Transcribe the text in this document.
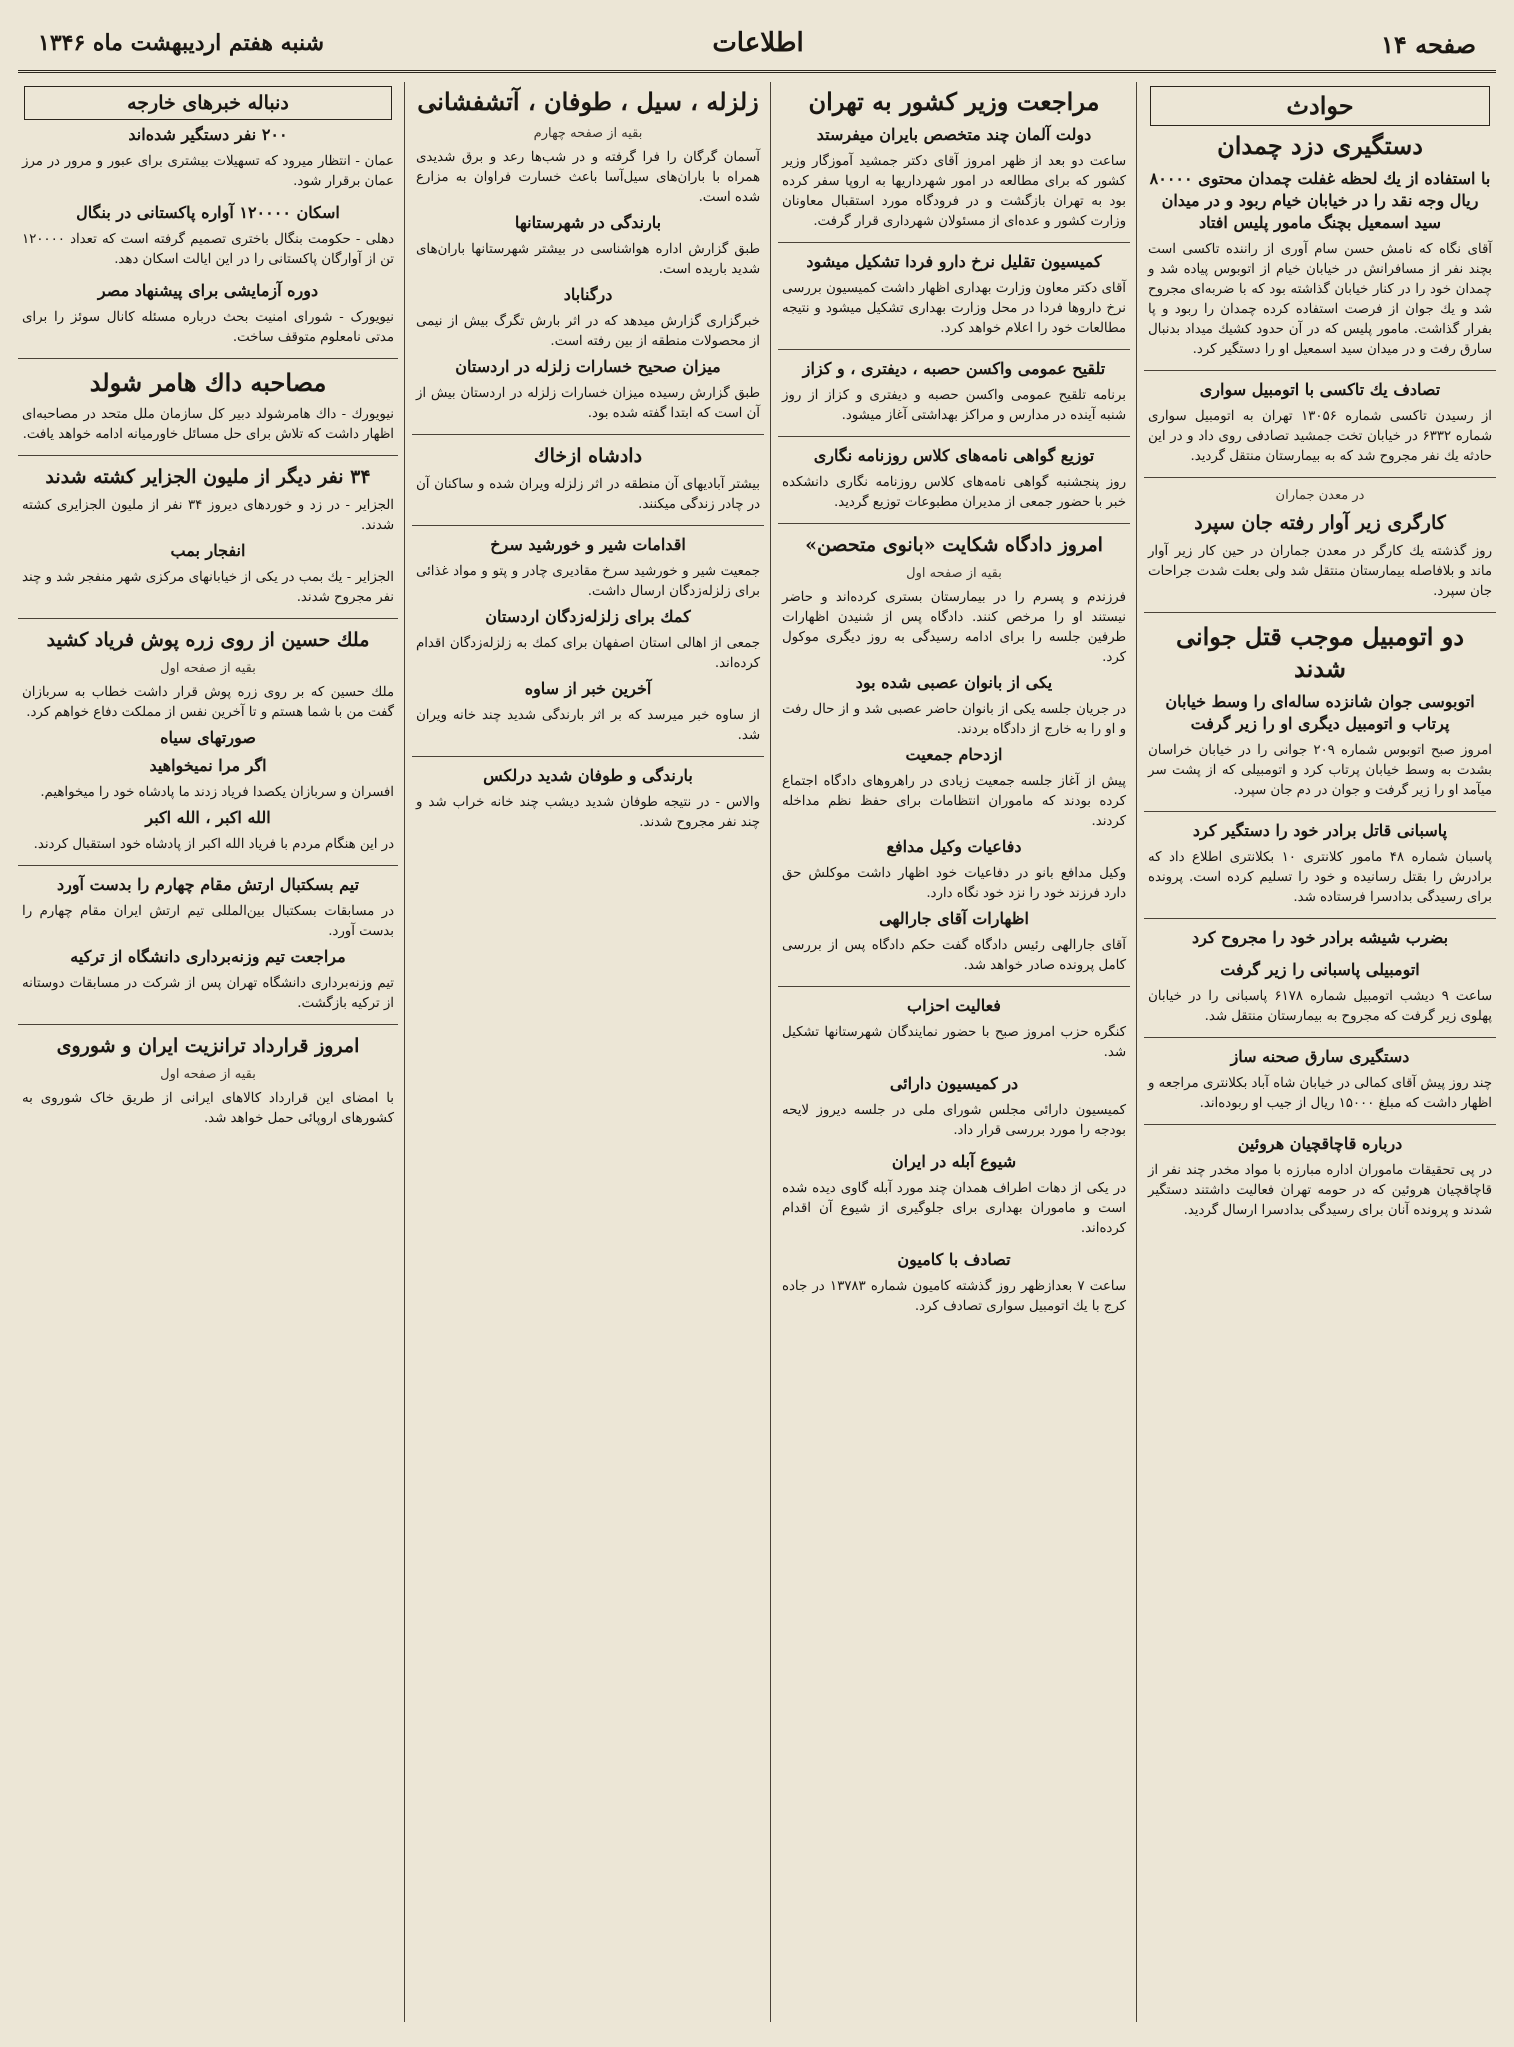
صفحه ۱۴
اطلاعات
شنبه هفتم اردیبهشت ماه ۱۳۴۶
حوادث
دستگیری دزد چمدان
با استفاده از یك لحظه غفلت چمدان محتوی ۸۰۰۰۰ ریال وجه نقد را در خیابان خیام ربود و در میدان سید اسمعیل بچنگ مامور پلیس افتاد

آقای نگاه که نامش حسن سام آوری از راننده تاکسی است بچند نفر از مسافرانش در خیابان خیام از اتوبوس پیاده شد و چمدان خود را در کنار خیابان گذاشته بود که با ضربه‌ای مجروح شد و یك جوان از فرصت استفاده کرده چمدان را ربود و پا بفرار گذاشت. مامور پلیس که در آن حدود کشیك میداد بدنبال سارق رفت و در میدان سید اسمعیل او را دستگیر کرد.

تصادف یك تاکسی با اتومبیل سواری

از رسیدن تاکسی شماره ۱۳۰۵۶ تهران به اتومبیل سواری شماره ۶۳۳۲ در خیابان تخت جمشید تصادفی روی داد و در این حادثه یك نفر مجروح شد که به بیمارستان منتقل گردید.

در معدن جماران
کارگری زیر آوار رفته جان سپرد

روز گذشته یك کارگر در معدن جماران در حین کار زیر آوار ماند و بلافاصله بیمارستان منتقل شد ولی بعلت شدت جراحات جان سپرد.

دو اتومبیل موجب قتل جوانی شدند
اتوبوسی جوان شانزده ساله‌ای را وسط خیابان پرتاب و اتومبیل دیگری او را زیر گرفت

امروز صبح اتوبوس شماره ۲۰۹ جوانی را در خیابان خراسان بشدت به وسط خیابان پرتاب کرد و اتومبیلی که از پشت سر میآمد او را زیر گرفت و جوان در دم جان سپرد.

پاسبانی قاتل برادر خود را دستگیر کرد

پاسبان شماره ۴۸ مامور کلانتری ۱۰ بکلانتری اطلاع داد که برادرش را بقتل رسانیده و خود را تسلیم کرده است. پرونده برای رسیدگی بدادسرا فرستاده شد.

بضرب شیشه برادر خود را مجروح کرد
اتومبیلی پاسبانی را زیر گرفت

ساعت ۹ دیشب اتومبیل شماره ۶۱۷۸ پاسبانی را در خیابان پهلوی زیر گرفت که مجروح به بیمارستان منتقل شد.

دستگیری سارق صحنه ساز

چند روز پیش آقای کمالی در خیابان شاه آباد بکلانتری مراجعه و اظهار داشت که مبلغ ۱۵۰۰۰ ریال از جیب او ربوده‌اند.

درباره قاچاقچیان هروئین

در پی تحقیقات ماموران اداره مبارزه با مواد مخدر چند نفر از قاچاقچیان هروئین که در حومه تهران فعالیت داشتند دستگیر شدند و پرونده آنان برای رسیدگی بدادسرا ارسال گردید.

مراجعت وزیر کشور به تهران
دولت آلمان چند متخصص بایران میفرستد

ساعت دو بعد از ظهر امروز آقای دکتر جمشید آموزگار وزیر کشور که برای مطالعه در امور شهرداریها به اروپا سفر کرده بود به تهران بازگشت و در فرودگاه مورد استقبال معاونان وزارت کشور و عده‌ای از مسئولان شهرداری قرار گرفت.

کمیسیون تقلیل نرخ دارو فردا تشکیل میشود

آقای دکتر معاون وزارت بهداری اظهار داشت کمیسیون بررسی نرخ داروها فردا در محل وزارت بهداری تشکیل میشود و نتیجه مطالعات خود را اعلام خواهد کرد.

تلقیح عمومی واکسن حصبه ، دیفتری ، و کزاز

برنامه تلقیح عمومی واکسن حصبه و دیفتری و کزاز از روز شنبه آینده در مدارس و مراکز بهداشتی آغاز میشود.

توزیع گواهی نامه‌های کلاس روزنامه نگاری

روز پنجشنبه گواهی نامه‌های کلاس روزنامه نگاری دانشکده خبر با حضور جمعی از مدیران مطبوعات توزیع گردید.

امروز دادگاه شکایت «بانوی متحصن»
بقیه از صفحه اول

فرزندم و پسرم را در بیمارستان بستری کرده‌اند و حاضر نیستند او را مرخص کنند. دادگاه پس از شنیدن اظهارات طرفین جلسه را برای ادامه رسیدگی به روز دیگری موکول کرد.

یکی از بانوان عصبی شده بود

در جریان جلسه یکی از بانوان حاضر عصبی شد و از حال رفت و او را به خارج از دادگاه بردند.

ازدحام جمعیت

پیش از آغاز جلسه جمعیت زیادی در راهروهای دادگاه اجتماع کرده بودند که ماموران انتظامات برای حفظ نظم مداخله کردند.

دفاعیات وکیل مدافع

وکیل مدافع بانو در دفاعیات خود اظهار داشت موکلش حق دارد فرزند خود را نزد خود نگاه دارد.

اظهارات آقای جارالهی

آقای جارالهی رئیس دادگاه گفت حکم دادگاه پس از بررسی کامل پرونده صادر خواهد شد.

فعالیت احزاب

کنگره حزب امروز صبح با حضور نمایندگان شهرستانها تشکیل شد.

در کمیسیون دارائی

کمیسیون دارائی مجلس شورای ملی در جلسه دیروز لایحه بودجه را مورد بررسی قرار داد.

شیوع آبله در ایران

در یکی از دهات اطراف همدان چند مورد آبله گاوی دیده شده است و ماموران بهداری برای جلوگیری از شیوع آن اقدام کرده‌اند.

تصادف با کامیون

ساعت ۷ بعدازظهر روز گذشته کامیون شماره ۱۳۷۸۳ در جاده کرج با یك اتومبیل سواری تصادف کرد.

زلزله ، سیل ، طوفان ، آتشفشانی
بقیه از صفحه چهارم

آسمان گرگان را فرا گرفته و در شب‌ها رعد و برق شدیدی همراه با باران‌های سیل‌آسا باعث خسارت فراوان به مزارع شده است.

بارندگی در شهرستانها

طبق گزارش اداره هواشناسی در بیشتر شهرستانها باران‌های شدید باریده است.

درگناباد

خبرگزاری گزارش میدهد که در اثر بارش تگرگ بیش از نیمی از محصولات منطقه از بین رفته است.

میزان صحیح خسارات زلزله در اردستان

طبق گزارش رسیده میزان خسارات زلزله در اردستان بیش از آن است که ابتدا گفته شده بود.

دادشاه ازخاك

بیشتر آبادیهای آن منطقه در اثر زلزله ویران شده و ساکنان آن در چادر زندگی میکنند.

اقدامات شیر و خورشید سرخ

جمعیت شیر و خورشید سرخ مقادیری چادر و پتو و مواد غذائی برای زلزله‌زدگان ارسال داشت.

کمك برای زلزله‌زدگان اردستان

جمعی از اهالی استان اصفهان برای کمك به زلزله‌زدگان اقدام کرده‌اند.

آخرین خبر از ساوه

از ساوه خبر میرسد که بر اثر بارندگی شدید چند خانه ویران شد.

بارندگی و طوفان شدید درلکس

والاس - در نتیجه طوفان شدید دیشب چند خانه خراب شد و چند نفر مجروح شدند.

دنباله خبرهای خارجه
۲۰۰ نفر دستگیر شده‌اند

عمان - انتظار میرود که تسهیلات بیشتری برای عبور و مرور در مرز عمان برقرار شود.

اسکان ۱۲۰۰۰۰ آواره پاکستانی در بنگال

دهلی - حکومت بنگال باختری تصمیم گرفته است که تعداد ۱۲۰۰۰۰ تن از آوارگان پاکستانی را در این ایالت اسکان دهد.

دوره آزمایشی برای پیشنهاد مصر

نیویورک - شورای امنیت بحث درباره مسئله کانال سوئز را برای مدتی نامعلوم متوقف ساخت.

مصاحبه داك هامر شولد

نیویورك - داك هامرشولد دبیر کل سازمان ملل متحد در مصاحبه‌ای اظهار داشت که تلاش برای حل مسائل خاورمیانه ادامه خواهد یافت.

۳۴ نفر دیگر از ملیون الجزایر کشته شدند

الجزایر - در زد و خوردهای دیروز ۳۴ نفر از ملیون الجزایری کشته شدند.

انفجار بمب

الجزایر - یك بمب در یکی از خیابانهای مرکزی شهر منفجر شد و چند نفر مجروح شدند.

ملك حسین از روی زره پوش فریاد کشید
بقیه از صفحه اول

ملك حسین که بر روی زره پوش قرار داشت خطاب به سربازان گفت من با شما هستم و تا آخرین نفس از مملکت دفاع خواهم کرد.

صورتهای سیاه
اگر مرا نمیخواهید

افسران و سربازان یکصدا فریاد زدند ما پادشاه خود را میخواهیم.

الله اکبر ، الله اکبر

در این هنگام مردم با فریاد الله اکبر از پادشاه خود استقبال کردند.

تیم بسکتبال ارتش مقام چهارم را بدست آورد

در مسابقات بسکتبال بین‌المللی تیم ارتش ایران مقام چهارم را بدست آورد.

مراجعت تیم وزنه‌برداری دانشگاه از ترکیه

تیم وزنه‌برداری دانشگاه تهران پس از شرکت در مسابقات دوستانه از ترکیه بازگشت.

امروز قرارداد ترانزیت ایران و شوروی
بقیه از صفحه اول

با امضای این قرارداد کالاهای ایرانی از طریق خاک شوروی به کشورهای اروپائی حمل خواهد شد.
